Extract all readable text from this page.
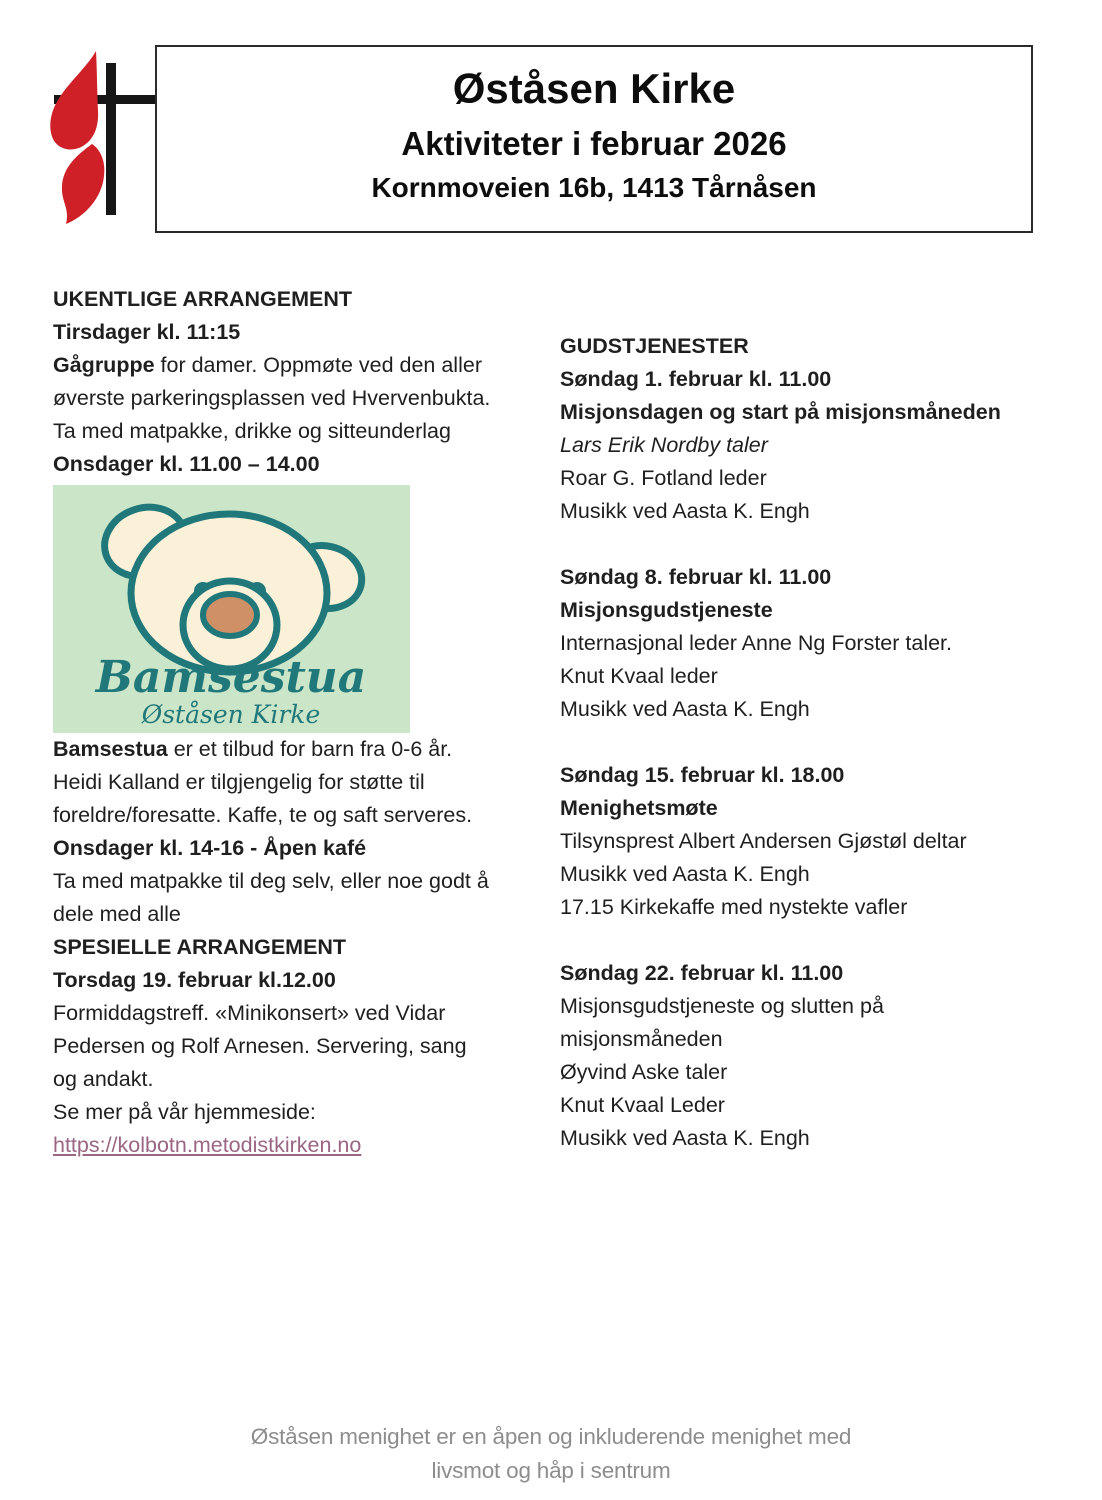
Øståsen Kirke
Aktiviteter i februar 2026
Kornmoveien 16b, 1413 Tårnåsen

UKENTLIGE ARRANGEMENT

Tirsdager kl. 11:15

Gågruppe for damer. Oppmøte ved den aller øverste parkeringsplassen ved Hvervenbukta. Ta med matpakke, drikke og sitteunderlag

Onsdager kl. 11.00 – 14.00

Bamsestua
Øståsen Kirke

Bamsestua er et tilbud for barn fra 0-6 år. Heidi Kalland er tilgjengelig for støtte til foreldre/foresatte. Kaffe, te og saft serveres.

Onsdager kl. 14-16 - Åpen kafé

Ta med matpakke til deg selv, eller noe godt å dele med alle

SPESIELLE ARRANGEMENT

Torsdag 19. februar kl.12.00

Formiddagstreff. «Minikonsert» ved Vidar Pedersen og Rolf Arnesen. Servering, sang og andakt.

Se mer på vår hjemmeside:

https://kolbotn.metodistkirken.no

GUDSTJENESTER

Søndag 1. februar kl. 11.00

Misjonsdagen og start på misjonsmåneden

Lars Erik Nordby taler

Roar G. Fotland leder

Musikk ved Aasta K. Engh

Søndag 8. februar kl. 11.00

Misjonsgudstjeneste

Internasjonal leder Anne Ng Forster taler.

Knut Kvaal leder

Musikk ved Aasta K. Engh

Søndag 15. februar kl. 18.00

Menighetsmøte

Tilsynsprest Albert Andersen Gjøstøl deltar

Musikk ved Aasta K. Engh

17.15 Kirkekaffe med nystekte vafler

Søndag 22. februar kl. 11.00

Misjonsgudstjeneste og slutten på misjonsmåneden

Øyvind Aske taler

Knut Kvaal Leder

Musikk ved Aasta K. Engh

Øståsen menighet er en åpen og inkluderende menighet med
livsmot og håp i sentrum
